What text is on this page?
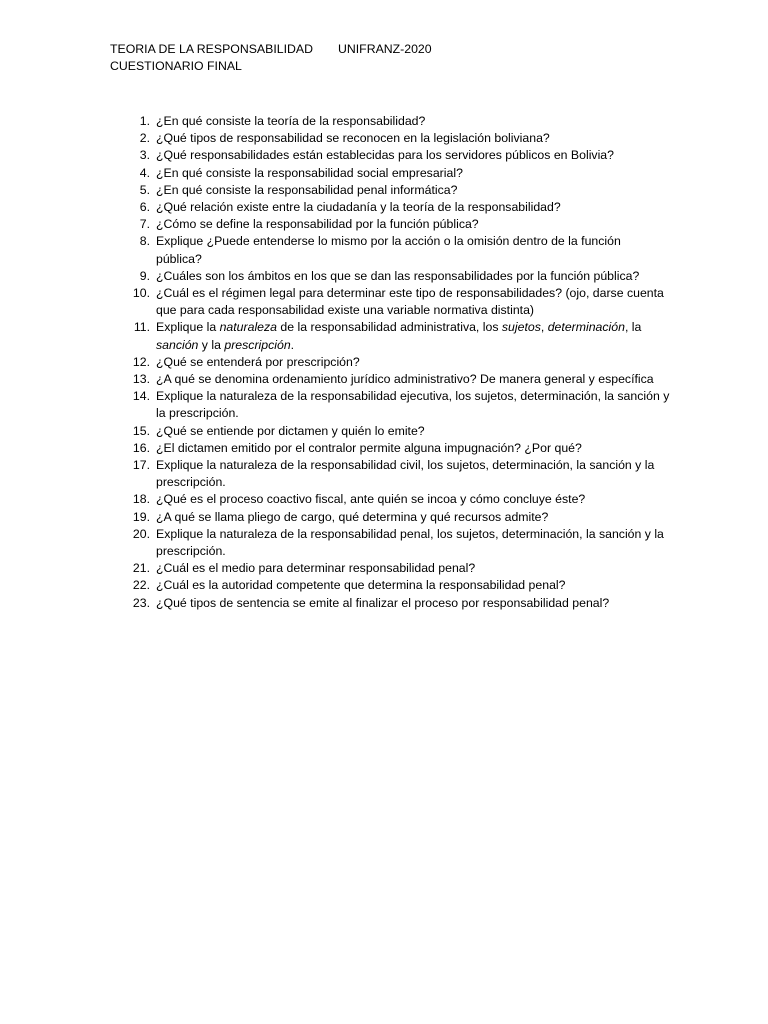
TEORIA DE LA RESPONSABILIDAD	UNIFRANZ-2020
CUESTIONARIO FINAL
1. ¿En qué consiste la teoría de la responsabilidad?
2. ¿Qué tipos de responsabilidad se reconocen en la legislación boliviana?
3. ¿Qué responsabilidades están establecidas para los servidores públicos en Bolivia?
4. ¿En qué consiste la responsabilidad social empresarial?
5. ¿En qué consiste la responsabilidad penal informática?
6. ¿Qué relación existe entre la ciudadanía y la teoría de la responsabilidad?
7. ¿Cómo se define la responsabilidad por la función pública?
8. Explique ¿Puede entenderse lo mismo por la acción o la omisión dentro de la función pública?
9. ¿Cuáles son los ámbitos en los que se dan las responsabilidades por la función pública?
10. ¿Cuál es el régimen legal para determinar este tipo de responsabilidades? (ojo, darse cuenta que para cada responsabilidad existe una variable normativa distinta)
11. Explique la naturaleza de la responsabilidad administrativa, los sujetos, determinación, la sanción y la prescripción.
12. ¿Qué se entenderá por prescripción?
13. ¿A qué se denomina ordenamiento jurídico administrativo? De manera general y específica
14. Explique la naturaleza de la responsabilidad ejecutiva, los sujetos, determinación, la sanción y la prescripción.
15. ¿Qué se entiende por dictamen y quién lo emite?
16. ¿El dictamen emitido por el contralor permite alguna impugnación? ¿Por qué?
17. Explique la naturaleza de la responsabilidad civil, los sujetos, determinación, la sanción y la prescripción.
18. ¿Qué es el proceso coactivo fiscal, ante quién se incoa y cómo concluye éste?
19. ¿A qué se llama pliego de cargo, qué determina y qué recursos admite?
20. Explique la naturaleza de la responsabilidad penal, los sujetos, determinación, la sanción y la prescripción.
21. ¿Cuál es el medio para determinar responsabilidad penal?
22. ¿Cuál es la autoridad competente que determina la responsabilidad penal?
23. ¿Qué tipos de sentencia se emite al finalizar el proceso por responsabilidad penal?
